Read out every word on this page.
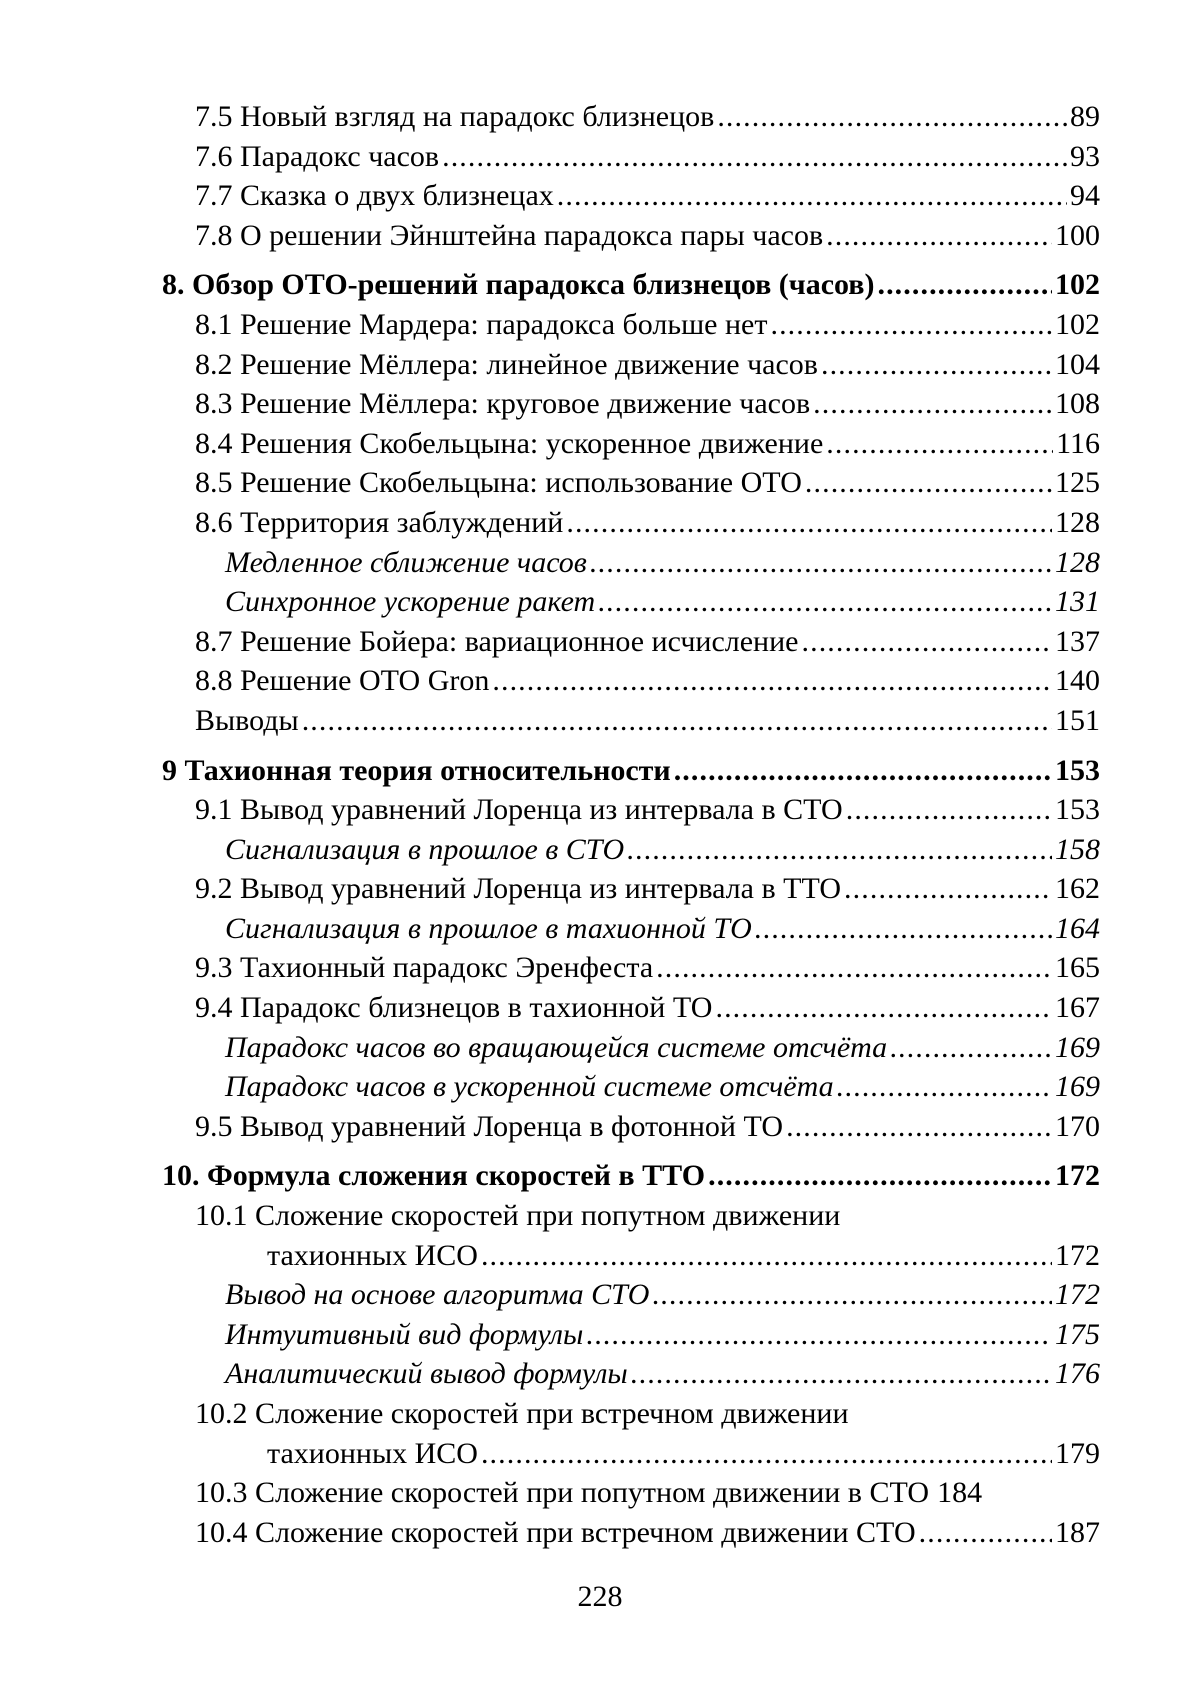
7.5 Новый взгляд на парадокс близнецов . . .	89
7.6 Парадокс часов . . .	93
7.7 Сказка о двух близнецах . . .	94
7.8 О решении Эйнштейна парадокса пары часов . . .	100
8. Обзор ОТО-решений парадокса близнецов (часов) . . .	102
8.1 Решение Мардера: парадокса больше нет . . .	102
8.2 Решение Мёллера: линейное движение часов . . .	104
8.3 Решение Мёллера: круговое движение часов . . .	108
8.4 Решения Скобельцына: ускоренное движение . . .	116
8.5 Решение Скобельцына: использование ОТО . . .	125
8.6 Территория заблуждений . . .	128
Медленное сближение часов . . .	128
Синхронное ускорение ракет . . .	131
8.7 Решение Бойера: вариационное исчисление . . .	137
8.8 Решение ОТО Gron . . .	140
Выводы . . .	151
9 Тахионная теория относительности . . .	153
9.1 Вывод уравнений Лоренца из интервала в СТО . . .	153
Сигнализация в прошлое в СТО . . .	158
9.2 Вывод уравнений Лоренца из интервала в ТТО . . .	162
Сигнализация в прошлое в тахионной ТО . . .	164
9.3 Тахионный парадокс Эренфеста . . .	165
9.4 Парадокс близнецов в тахионной ТО . . .	167
Парадокс часов во вращающейся системе отсчёта . . .	169
Парадокс часов в ускоренной системе отсчёта . . .	169
9.5 Вывод уравнений Лоренца в фотонной ТО . . .	170
10. Формула сложения скоростей в ТТО . . .	172
10.1 Сложение скоростей при попутном движении
тахионных ИСО . . .	172
Вывод на основе алгоритма СТО . . .	172
Интуитивный вид формулы . . .	175
Аналитический вывод формулы . . .	176
10.2 Сложение скоростей при встречном движении
тахионных ИСО . . .	179
10.3 Сложение скоростей при попутном движении в СТО 184
10.4 Сложение скоростей при встречном движении СТО . . .	187
228
